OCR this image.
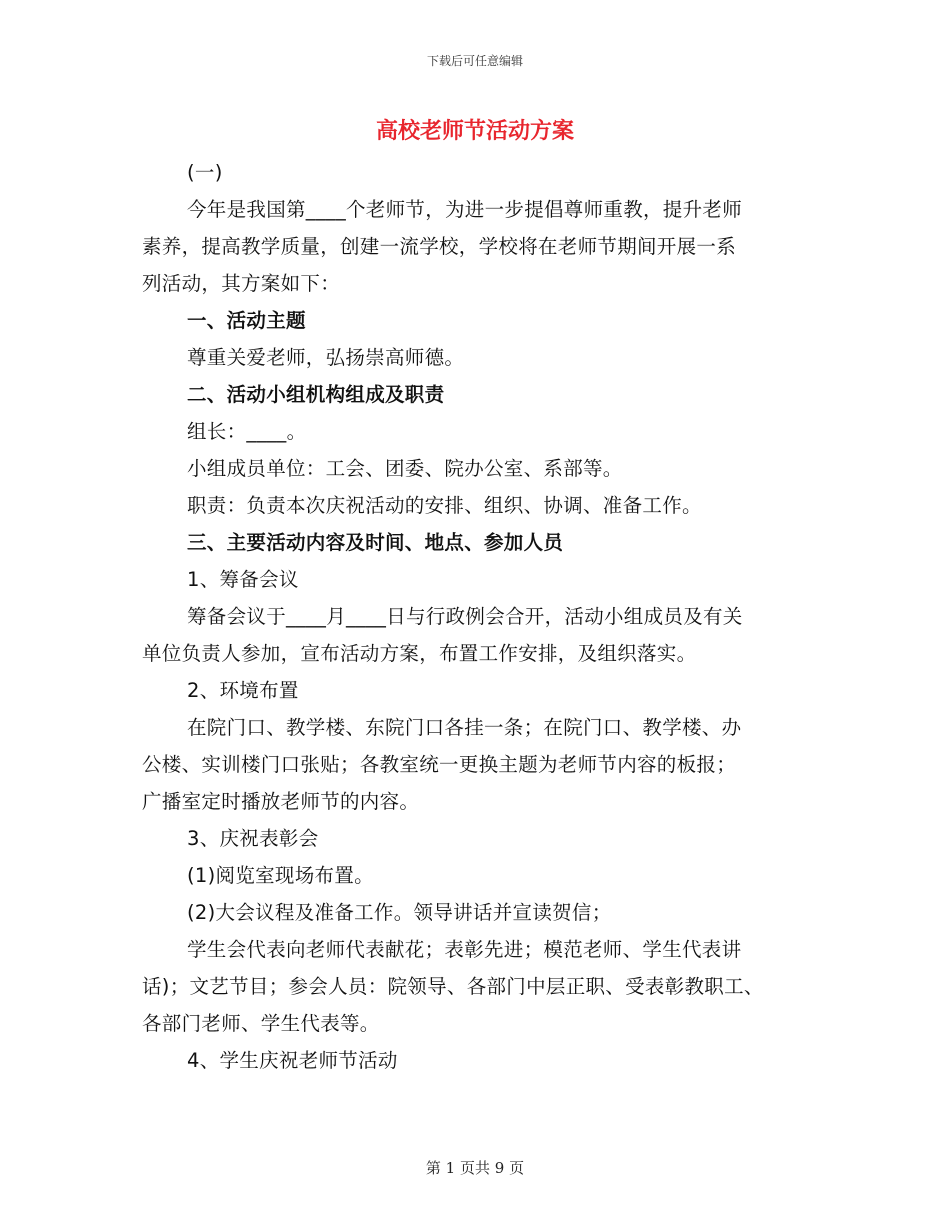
下载后可任意编辑
高校老师节活动方案
(一)
今年是我国第____个老师节，为进一步提倡尊师重教，提升老师
素养，提高教学质量，创建一流学校，学校将在老师节期间开展一系
列活动，其方案如下：
一、活动主题
尊重关爱老师，弘扬崇高师德。
二、活动小组机构组成及职责
组长：____。
小组成员单位：工会、团委、院办公室、系部等。
职责：负责本次庆祝活动的安排、组织、协调、准备工作。
三、主要活动内容及时间、地点、参加人员
1、筹备会议
筹备会议于____月____日与行政例会合开，活动小组成员及有关
单位负责人参加，宣布活动方案，布置工作安排，及组织落实。
2、环境布置
在院门口、教学楼、东院门口各挂一条；在院门口、教学楼、办
公楼、实训楼门口张贴；各教室统一更换主题为老师节内容的板报；
广播室定时播放老师节的内容。
3、庆祝表彰会
(1)阅览室现场布置。
(2)大会议程及准备工作。领导讲话并宣读贺信；
学生会代表向老师代表献花；表彰先进；模范老师、学生代表讲
话)；文艺节目；参会人员：院领导、各部门中层正职、受表彰教职工、
各部门老师、学生代表等。
4、学生庆祝老师节活动
第 1 页共 9 页
